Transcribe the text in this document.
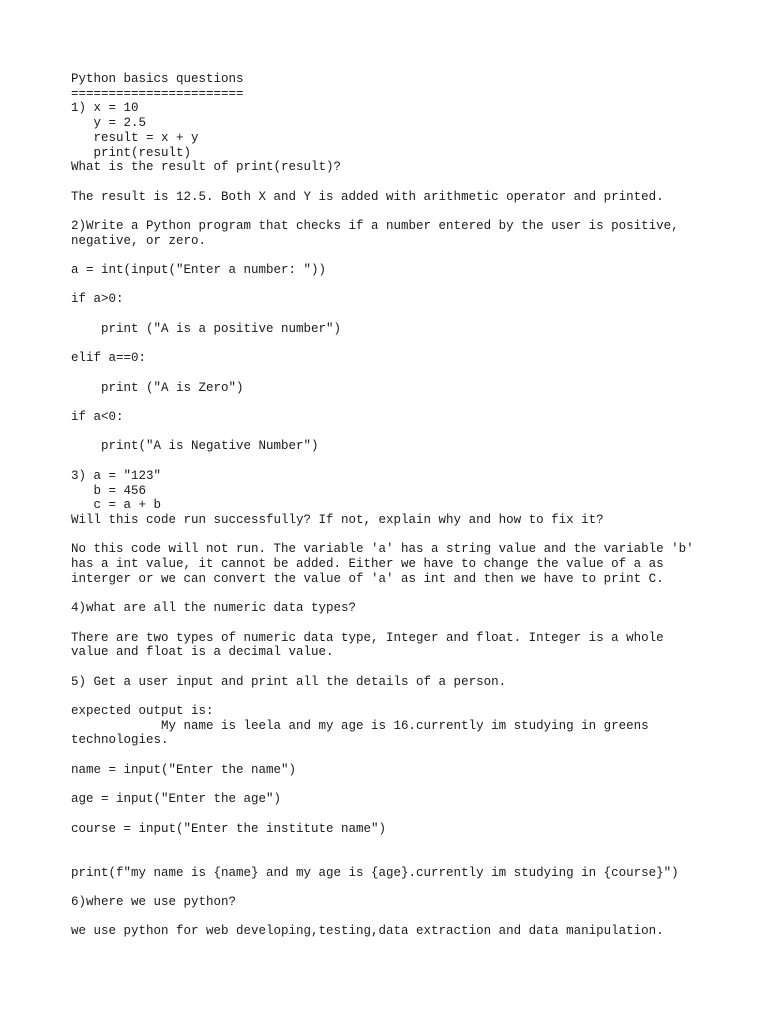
Python basics questions
=======================
1) x = 10
y = 2.5
result = x + y
print(result)
What is the result of print(result)?
The result is 12.5. Both X and Y is added with arithmetic operator and printed.
2)Write a Python program that checks if a number entered by the user is positive,
negative, or zero.
a = int(input("Enter a number: "))
if a>0:
print ("A is a positive number")
elif a==0:
print ("A is Zero")
if a<0:
print("A is Negative Number")
3) a = "123"
b = 456
c = a + b
Will this code run successfully? If not, explain why and how to fix it?
No this code will not run. The variable 'a' has a string value and the variable 'b'
has a int value, it cannot be added. Either we have to change the value of a as
interger or we can convert the value of 'a' as int and then we have to print C.
4)what are all the numeric data types?
There are two types of numeric data type, Integer and float. Integer is a whole
value and float is a decimal value.
5) Get a user input and print all the details of a person.
expected output is:
My name is leela and my age is 16.currently im studying in greens
technologies.
name = input("Enter the name")
age = input("Enter the age")
course = input("Enter the institute name")
print(f"my name is {name} and my age is {age}.currently im studying in {course}")
6)where we use python?
we use python for web developing,testing,data extraction and data manipulation.
